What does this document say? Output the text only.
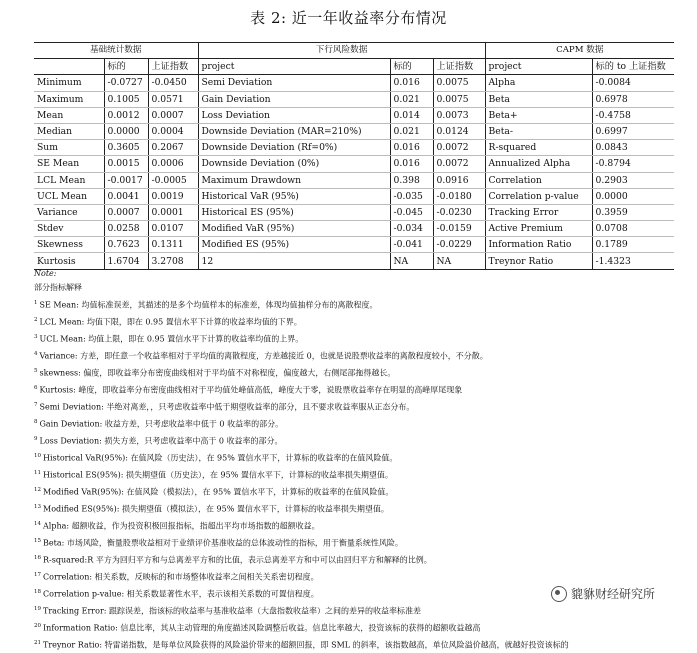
表 2: 近一年收益率分布情况
基础统计数据			下行风险数据			CAPM 数据	
	标的	上证指数	project	标的	上证指数	project	标的 to 上证指数
Minimum	-0.0727	-0.0450	Semi Deviation	0.016	0.0075	Alpha	-0.0084
Maximum	0.1005	0.0571	Gain Deviation	0.021	0.0075	Beta	0.6978
Mean	0.0012	0.0007	Loss Deviation	0.014	0.0073	Beta+	-0.4758
Median	0.0000	0.0004	Downside Deviation (MAR=210%)	0.021	0.0124	Beta-	0.6997
Sum	0.3605	0.2067	Downside Deviation (Rf=0%)	0.016	0.0072	R-squared	0.0843
SE Mean	0.0015	0.0006	Downside Deviation (0%)	0.016	0.0072	Annualized Alpha	-0.8794
LCL Mean	-0.0017	-0.0005	Maximum Drawdown	0.398	0.0916	Correlation	0.2903
UCL Mean	0.0041	0.0019	Historical VaR (95%)	-0.035	-0.0180	Correlation p-value	0.0000
Variance	0.0007	0.0001	Historical ES (95%)	-0.045	-0.0230	Tracking Error	0.3959
Stdev	0.0258	0.0107	Modified VaR (95%)	-0.034	-0.0159	Active Premium	0.0708
Skewness	0.7623	0.1311	Modified ES (95%)	-0.041	-0.0229	Information Ratio	0.1789
Kurtosis	1.6704	3.2708	12	NA	NA	Treynor Ratio	-1.4323
Note:
部分指标解释
$^1$ SE Mean: 均值标准误差，其描述的是多个均值样本的标准差，体现均值抽样分布的离散程度。
$^2$ LCL Mean: 均值下限，即在 0.95 置信水平下计算的收益率均值的下界。
$^3$ UCL Mean: 均值上限，即在 0.95 置信水平下计算的收益率均值的上界。
$^4$ Variance: 方差，即任意一个收益率相对于平均值的离散程度，方差越接近 0，也就是说股票收益率的离散程度较小，不分散。
$^5$ skewness: 偏度，即收益率分布密度曲线相对于平均值不对称程度，偏度越大，右侧尾部拖得越长。
$^6$ Kurtosis: 峰度，即收益率分布密度曲线相对于平均值处峰值高低，峰度大于零，说股票收益率存在明显的高峰厚尾现象
$^7$ Semi Deviation: 半绝对离差，，只考虑收益率中低于期望收益率的部分，且不要求收益率服从正态分布。
$^8$ Gain Deviation: 收益方差，只考虑收益率中低于 0 收益率的部分。
$^9$ Loss Deviation: 损失方差，只考虑收益率中高于 0 收益率的部分。
$^{10}$ Historical VaR(95%): 在值风险（历史法），在 95% 置信水平下，计算标的收益率的在值风险值。
$^{11}$ Historical ES(95%): 损失期望值（历史法），在 95% 置信水平下，计算标的收益率损失期望值。
$^{12}$ Modified VaR(95%): 在值风险（模拟法），在 95% 置信水平下，计算标的收益率的在值风险值。
$^{13}$ Modified ES(95%): 损失期望值（模拟法），在 95% 置信水平下，计算标的收益率损失期望值。
$^{14}$ Alpha: 超额收益，作为投资积极回报指标，指超出平均市场指数的超额收益。
$^{15}$ Beta: 市场风险，衡量股票收益相对于业绩评价基准收益的总体波动性的指标，用于衡量系统性风险。
$^{16}$ R-squared:R 平方为回归平方和与总离差平方和的比值，表示总离差平方和中可以由回归平方和解释的比例。
$^{17}$ Correlation: 相关系数，反映标的和市场整体收益率之间相关关系密切程度。
$^{18}$ Correlation p-value: 相关系数显著性水平，表示该相关系数的可置信程度。
$^{19}$ Tracking Error: 跟踪误差，指该标的收益率与基准收益率（大盘指数收益率）之间的差异的收益率标准差
$^{20}$ Information Ratio: 信息比率，其从主动管理的角度描述风险调整后收益。信息比率越大，投资该标的获得的超额收益越高
$^{21}$ Treynor Ratio: 特雷诺指数，是每单位风险获得的风险溢价带来的超额回报，即 SML 的斜率，该指数越高，单位风险溢价越高，就越好投资该标的
貔貅财经研究所
